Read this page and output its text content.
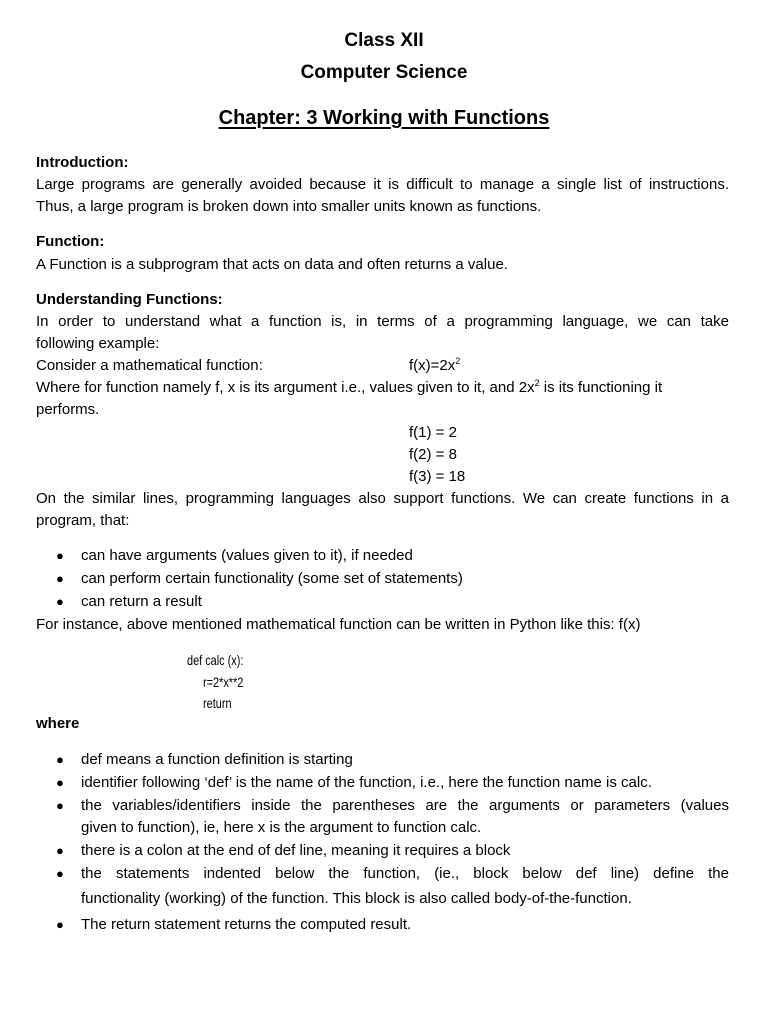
Class XII
Computer Science
Chapter: 3 Working with Functions
Introduction:
Large programs are generally avoided because it is difficult to manage a single list of instructions.
Thus, a large program is broken down into smaller units known as functions.
Function:
A Function is a subprogram that acts on data and often returns a value.
Understanding Functions:
In order to understand what a function is, in terms of a programming language, we can take
following example:
Consider a mathematical function:	$f(x)=2x^2$
Where for function namely f, x is its argument i.e., values given to it, and $2x^2$ is its functioning it
performs.
f(1) = 2
f(2) = 8
f(3) = 18
On the similar lines, programming languages also support functions. We can create functions in a
program, that:
● can have arguments (values given to it), if needed
● can perform certain functionality (some set of statements)
● can return a result
For instance, above mentioned mathematical function can be written in Python like this: f(x)
def calc (x):
r=2*x**2
return
where
● def means a function definition is starting
● identifier following ‘def’ is the name of the function, i.e., here the function name is calc.
● the variables/identifiers inside the parentheses are the arguments or parameters (values
given to function), ie, here x is the argument to function calc.
● there is a colon at the end of def line, meaning it requires a block
● the statements indented below the function, (ie., block below def line) define the
functionality (working) of the function. This block is also called body-of-the-function.
● The return statement returns the computed result.
